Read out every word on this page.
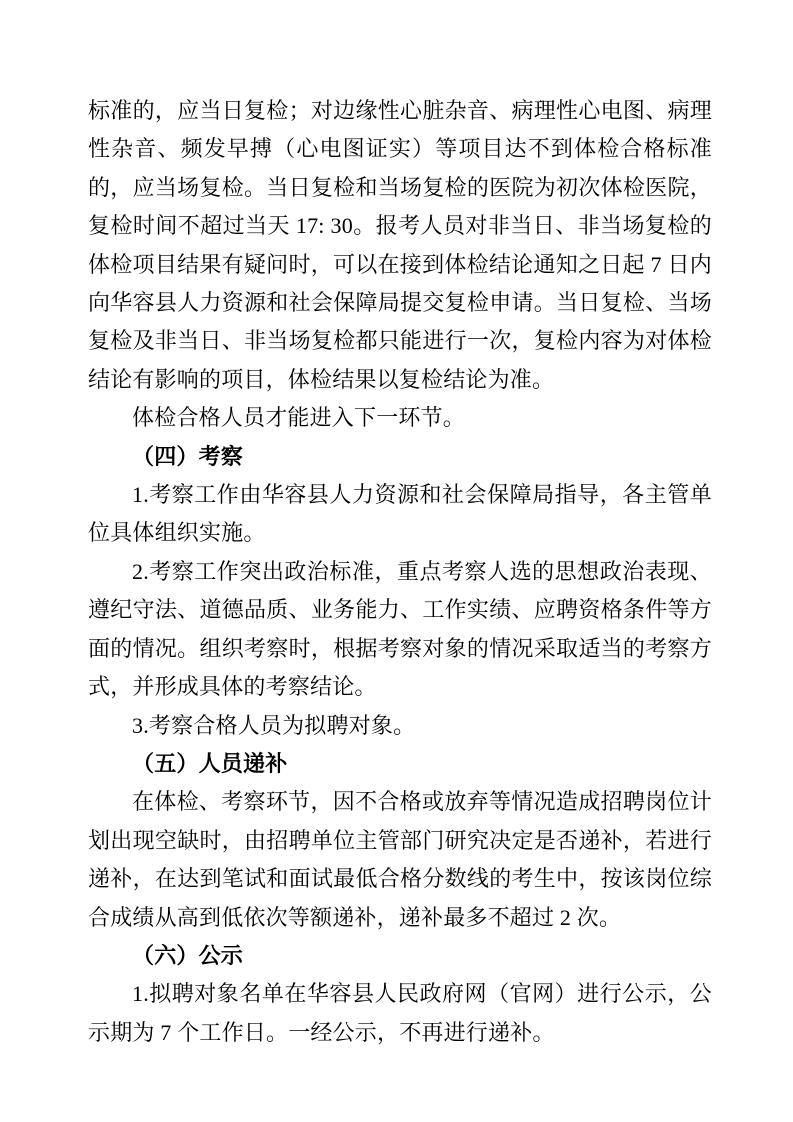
标准的，应当日复检；对边缘性心脏杂音、病理性心电图、病理性杂音、频发早搏（心电图证实）等项目达不到体检合格标准的，应当场复检。当日复检和当场复检的医院为初次体检医院，复检时间不超过当天 17: 30。报考人员对非当日、非当场复检的体检项目结果有疑问时，可以在接到体检结论通知之日起 7 日内向华容县人力资源和社会保障局提交复检申请。当日复检、当场复检及非当日、非当场复检都只能进行一次，复检内容为对体检结论有影响的项目，体检结果以复检结论为准。

体检合格人员才能进入下一环节。

（四）考察

1.考察工作由华容县人力资源和社会保障局指导，各主管单位具体组织实施。

2.考察工作突出政治标准，重点考察人选的思想政治表现、遵纪守法、道德品质、业务能力、工作实绩、应聘资格条件等方面的情况。组织考察时，根据考察对象的情况采取适当的考察方式，并形成具体的考察结论。

3.考察合格人员为拟聘对象。

（五）人员递补

在体检、考察环节，因不合格或放弃等情况造成招聘岗位计划出现空缺时，由招聘单位主管部门研究决定是否递补，若进行递补，在达到笔试和面试最低合格分数线的考生中，按该岗位综合成绩从高到低依次等额递补，递补最多不超过 2 次。

（六）公示

1.拟聘对象名单在华容县人民政府网（官网）进行公示，公示期为 7 个工作日。一经公示，不再进行递补。
